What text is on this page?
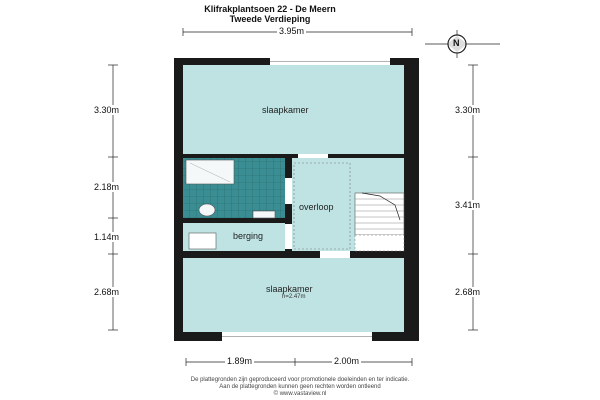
Klifrakplantsoen 22 - De Meern
Tweede Verdieping
3.95m
N
3.30m
2.18m
1.14m
2.68m
3.30m
3.41m
2.68m
1.89m	2.00m
slaapkamer
overloop
berging
slaapkamer
h=2.47m
De plattegronden zijn geproduceerd voor promotionele doeleinden en ter indicatie.
Aan de plattegronden kunnen geen rechten worden ontleend
© www.vastaview.nl
